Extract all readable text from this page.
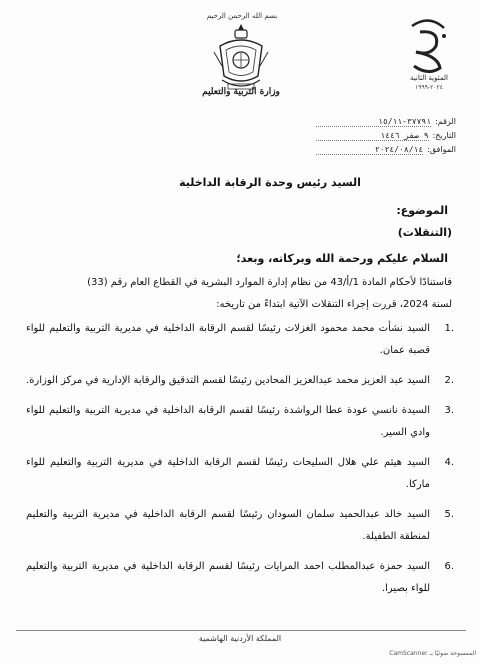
بسم الله الرحمن الرحيم
وزارة التربية والتعليم
المئوية الثانية
٢٠٢٤-١٩٩٩
الرقم:
٣٧٧٩١-١٥/١١
التاريخ:
٩ صفر ١٤٤٦
الموافق:
٢٠٢٤/٠٨/١٤
السيد رئيس وحدة الرقابة الداخلية
الموضوع:
(التنقلات)
السلام عليكم ورحمة الله وبركاته، وبعد؛

فاستنادًا لأحكام المادة 1/أ/43 من نظام إدارة الموارد البشرية في القطاع العام رقم (33)

لسنة 2024، قررت إجراء التنقلات الآتية ابتداءً من تاريخه:

1.
السيد نشأت محمد محمود الغزلات رئيسًا لقسم الرقابة الداخلية في مديرية التربية والتعليم للواء قصبة عمان.
2.
السيد عبد العزيز محمد عبدالعزيز المحادين رئيسًا لقسم التدقيق والرقابة الإدارية في مركز الوزارة.
3.
السيدة نانسي عودة عطا الرواشدة رئيسًا لقسم الرقابة الداخلية في مديرية التربية والتعليم للواء وادي السير.
4.
السيد هيثم علي هلال السليحات رئيسًا لقسم الرقابة الداخلية في مديرية التربية والتعليم للواء ماركا.
5.
السيد خالد عبدالحميد سلمان السودان رئيسًا لقسم الرقابة الداخلية في مديرية التربية والتعليم لمنطقة الطفيلة.
6.
السيد حمزة عبدالمطلب احمد المرايات رئيسًا لقسم الرقابة الداخلية في مديرية التربية والتعليم للواء بصيرا.
المملكة الأردنية الهاشمية
الممسوحة ضوئيًا بـ CamScanner
